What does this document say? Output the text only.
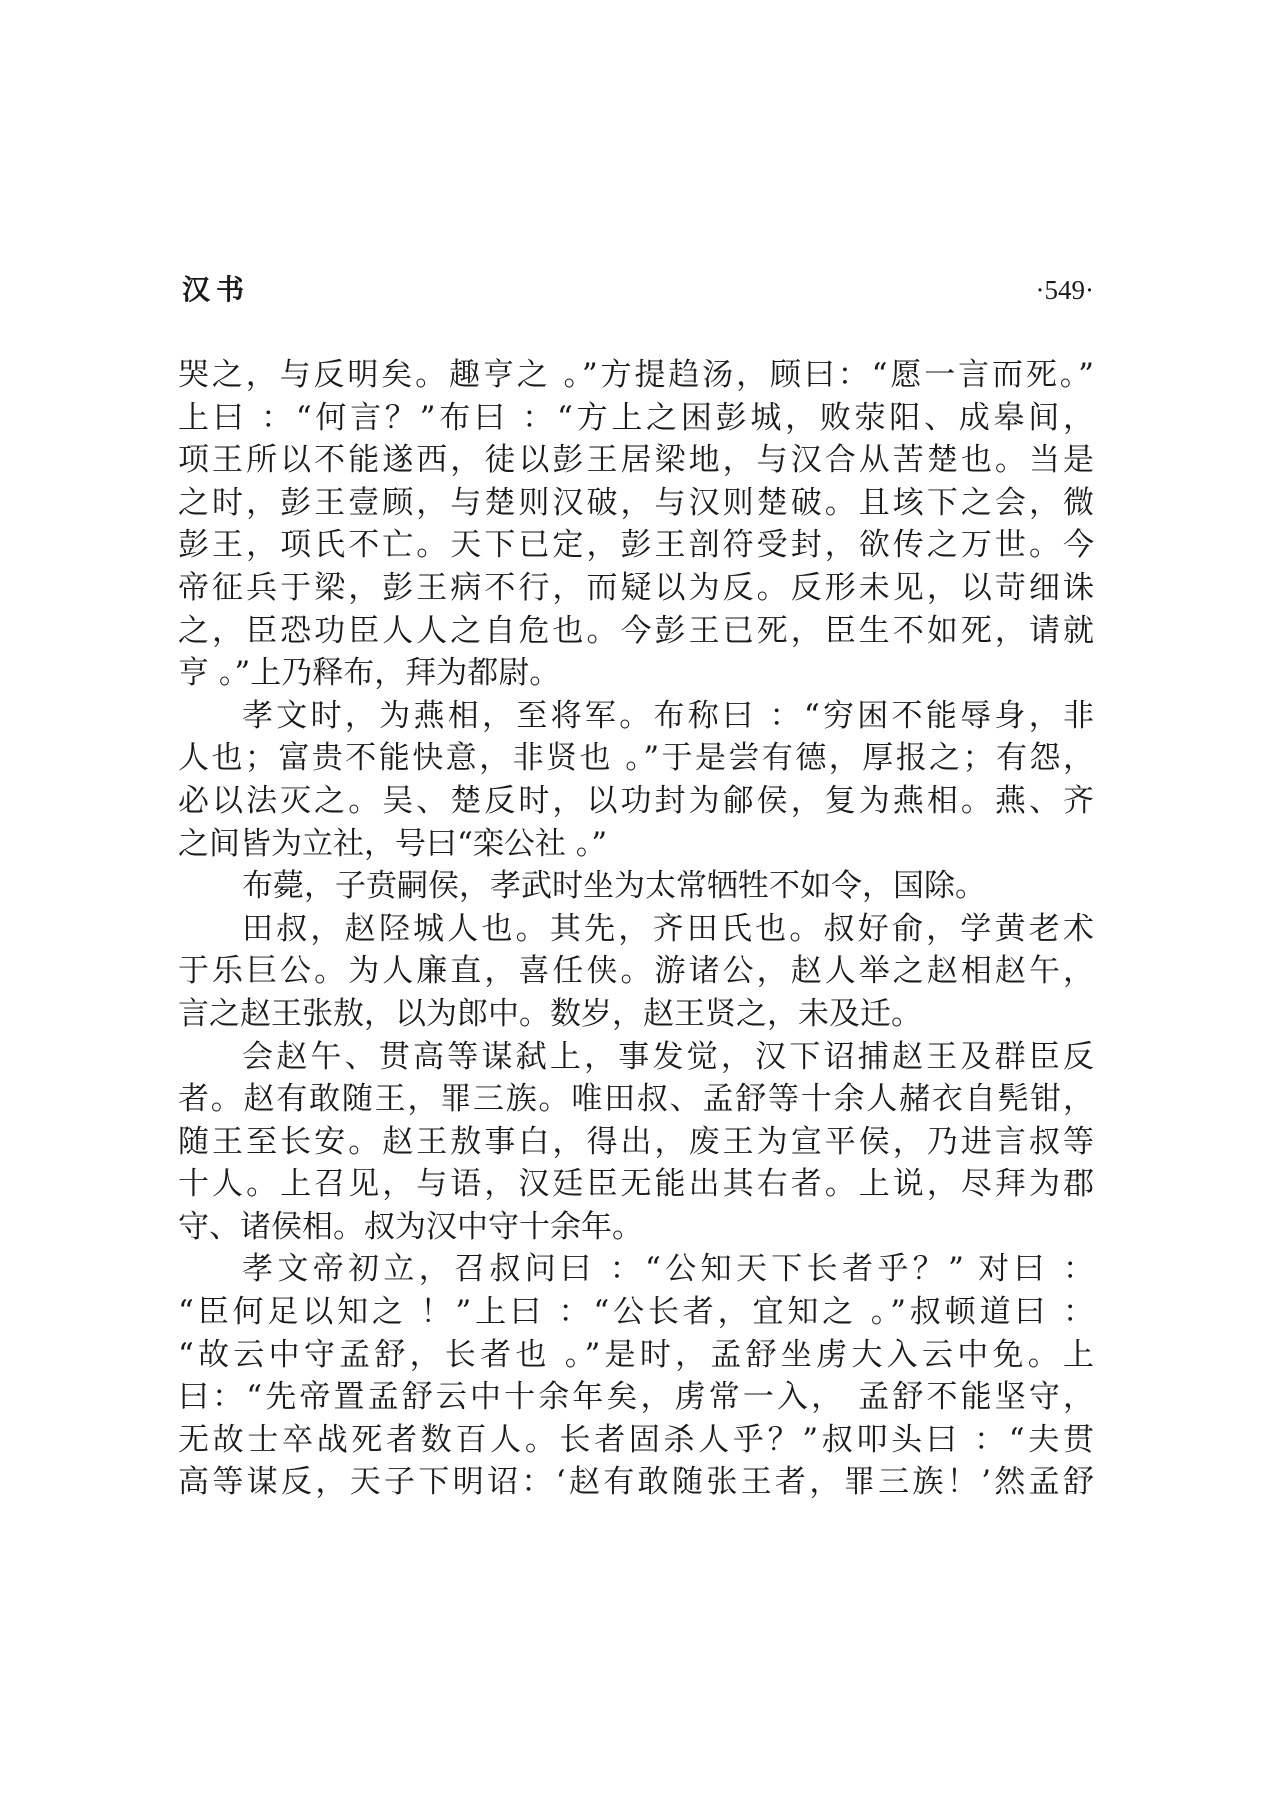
汉书	·549·
哭之，与反明矣。趣亨之 。”方提趋汤，顾曰：“愿一言而死。”
上曰 ：“何言？”布曰 ：“方上之困彭城，败荥阳、成皋间，
项王所以不能遂西，徒以彭王居梁地，与汉合从苦楚也。当是
之时，彭王壹顾，与楚则汉破，与汉则楚破。且垓下之会，微
彭王，项氏不亡。天下已定，彭王剖符受封，欲传之万世。今
帝征兵于梁，彭王病不行，而疑以为反。反形未见，以苛细诛
之，臣恐功臣人人之自危也。今彭王已死，臣生不如死，请就
亨 。”上乃释布，拜为都尉。
孝文时，为燕相，至将军。布称曰 ：“穷困不能辱身，非
人也；富贵不能快意，非贤也 。”于是尝有德，厚报之；有怨，
必以法灭之。吴、楚反时，以功封为鄃侯，复为燕相。燕、齐
之间皆为立社，号曰“栾公社 。”
布薨，子贲嗣侯，孝武时坐为太常牺牲不如令，国除。
田叔，赵陉城人也。其先，齐田氏也。叔好俞，学黄老术
于乐巨公。为人廉直，喜任侠。游诸公，赵人举之赵相赵午，
言之赵王张敖，以为郎中。数岁，赵王贤之，未及迁。
会赵午、贯高等谋弑上，事发觉，汉下诏捕赵王及群臣反
者。赵有敢随王，罪三族。唯田叔、孟舒等十余人赭衣自髡钳，
随王至长安。赵王敖事白，得出，废王为宣平侯，乃进言叔等
十人。上召见，与语，汉廷臣无能出其右者。上说，尽拜为郡
守、诸侯相。叔为汉中守十余年。
孝文帝初立，召叔问曰 ：“公知天下长者乎？” 对曰 ：
“臣何足以知之 ！”上曰 ：“公长者，宜知之 。”叔顿道曰 ：
“故云中守孟舒，长者也 。”是时，孟舒坐虏大入云中免。上
曰：“先帝置孟舒云中十余年矣，虏常一入， 孟舒不能坚守，
无故士卒战死者数百人。长者固杀人乎？”叔叩头曰 ：“夫贯
高等谋反，天子下明诏：‘赵有敢随张王者，罪三族！’然孟舒
